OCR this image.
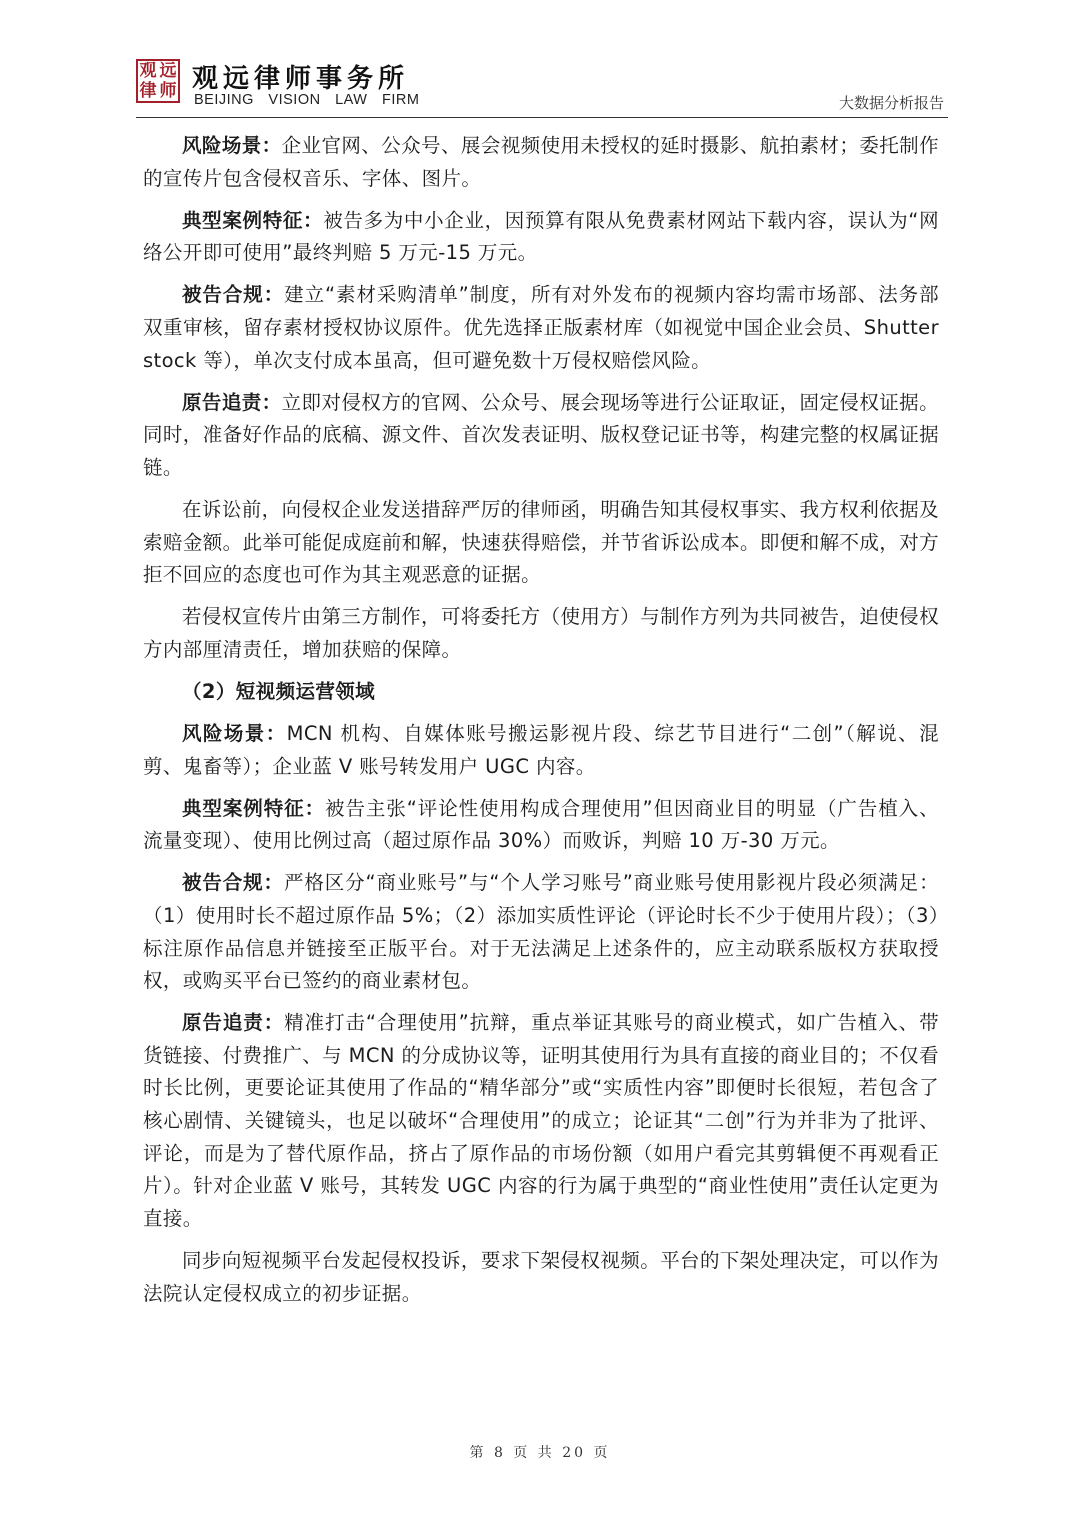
观 远
律 师 观远律师事务所
BEIJING VISION LAW FIRM	大数据分析报告

风险场景：企业官网、公众号、展会视频使用未授权的延时摄影、航拍素材；委托制作的宣传片包含侵权音乐、字体、图片。

典型案例特征：被告多为中小企业，因预算有限从免费素材网站下载内容，误认为“网络公开即可使用”最终判赔 5 万元-15 万元。

被告合规：建立“素材采购清单”制度，所有对外发布的视频内容均需市场部、法务部双重审核，留存素材授权协议原件。优先选择正版素材库（如视觉中国企业会员、Shutter stock 等），单次支付成本虽高，但可避免数十万侵权赔偿风险。

原告追责：立即对侵权方的官网、公众号、展会现场等进行公证取证，固定侵权证据。同时，准备好作品的底稿、源文件、首次发表证明、版权登记证书等，构建完整的权属证据链。

在诉讼前，向侵权企业发送措辞严厉的律师函，明确告知其侵权事实、我方权利依据及索赔金额。此举可能促成庭前和解，快速获得赔偿，并节省诉讼成本。即便和解不成，对方拒不回应的态度也可作为其主观恶意的证据。

若侵权宣传片由第三方制作，可将委托方（使用方）与制作方列为共同被告，迫使侵权方内部厘清责任，增加获赔的保障。

（2）短视频运营领域

风险场景：MCN 机构、自媒体账号搬运影视片段、综艺节目进行“二创”（解说、混剪、鬼畜等）；企业蓝 V 账号转发用户 UGC 内容。

典型案例特征：被告主张“评论性使用构成合理使用”但因商业目的明显（广告植入、流量变现）、使用比例过高（超过原作品 30%）而败诉，判赔 10 万-30 万元。

被告合规：严格区分“商业账号”与“个人学习账号”商业账号使用影视片段必须满足：（1）使用时长不超过原作品 5%；（2）添加实质性评论（评论时长不少于使用片段）；（3）标注原作品信息并链接至正版平台。对于无法满足上述条件的，应主动联系版权方获取授权，或购买平台已签约的商业素材包。

原告追责：精准打击“合理使用”抗辩，重点举证其账号的商业模式，如广告植入、带货链接、付费推广、与 MCN 的分成协议等，证明其使用行为具有直接的商业目的；不仅看时长比例，更要论证其使用了作品的“精华部分”或“实质性内容”即便时长很短，若包含了核心剧情、关键镜头，也足以破坏“合理使用”的成立；论证其“二创”行为并非为了批评、评论，而是为了替代原作品，挤占了原作品的市场份额（如用户看完其剪辑便不再观看正片）。针对企业蓝 V 账号，其转发 UGC 内容的行为属于典型的“商业性使用”责任认定更为直接。

同步向短视频平台发起侵权投诉，要求下架侵权视频。平台的下架处理决定，可以作为法院认定侵权成立的初步证据。

第 8 页 共 20 页
